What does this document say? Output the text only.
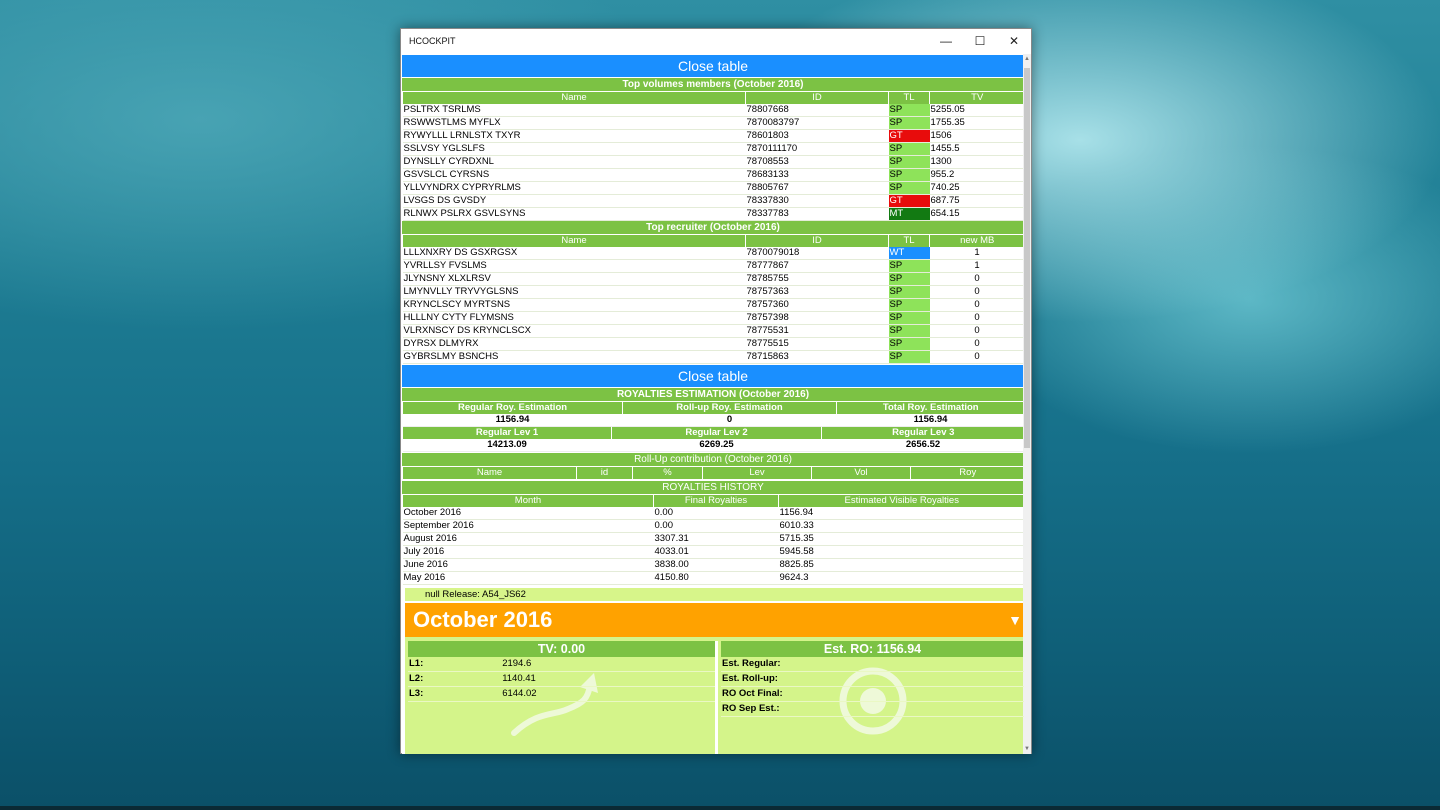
HCOCKPIT	—	☐	✕
Close table
Top volumes members (October 2016)
Name	ID	TL	TV
PSLTRX TSRLMS	78807668	SP	5255.05
RSWWSTLMS MYFLX	7870083797	SP	1755.35
RYWYLLL LRNLSTX TXYR	78601803	GT	1506
SSLVSY YGLSLFS	7870111170	SP	1455.5
DYNSLLY CYRDXNL	78708553	SP	1300
GSVSLCL CYRSNS	78683133	SP	955.2
YLLVYNDRX CYPRYRLMS	78805767	SP	740.25
LVSGS DS GVSDY	78337830	GT	687.75
RLNWX PSLRX GSVLSYNS	78337783	MT	654.15
Top recruiter (October 2016)
Name	ID	TL	new MB
LLLXNXRY DS GSXRGSX	7870079018	WT	1
YVRLLSY FVSLMS	78777867	SP	1
JLYNSNY XLXLRSV	78785755	SP	0
LMYNVLLY TRYVYGLSNS	78757363	SP	0
KRYNCLSCY MYRTSNS	78757360	SP	0
HLLLNY CYTY FLYMSNS	78757398	SP	0
VLRXNSCY DS KRYNCLSCX	78775531	SP	0
DYRSX DLMYRX	78775515	SP	0
GYBRSLMY BSNCHS	78715863	SP	0
Close table
ROYALTIES ESTIMATION (October 2016)
Regular Roy. Estimation	Roll-up Roy. Estimation	Total Roy. Estimation
1156.94	0	1156.94
Regular Lev 1	Regular Lev 2	Regular Lev 3
14213.09	6269.25	2656.52
Roll-Up contribution (October 2016)
Name	id	%	Lev	Vol	Roy
ROYALTIES HISTORY
Month	Final Royalties	Estimated Visible Royalties
October 2016	0.00	1156.94
September 2016	0.00	6010.33
August 2016	3307.31	5715.35
July 2016	4033.01	5945.58
June 2016	3838.00	8825.85
May 2016	4150.80	9624.3
null Release: A54_JS62
October 2016	▼
TV: 0.00
L1:	2194.6		
L2:	1140.41		
L3:	6144.02		
Est. RO: 1156.94
Est. Regular:	
Est. Roll-up:	
RO Oct Final:	
RO Sep Est.:	
▲
▼
